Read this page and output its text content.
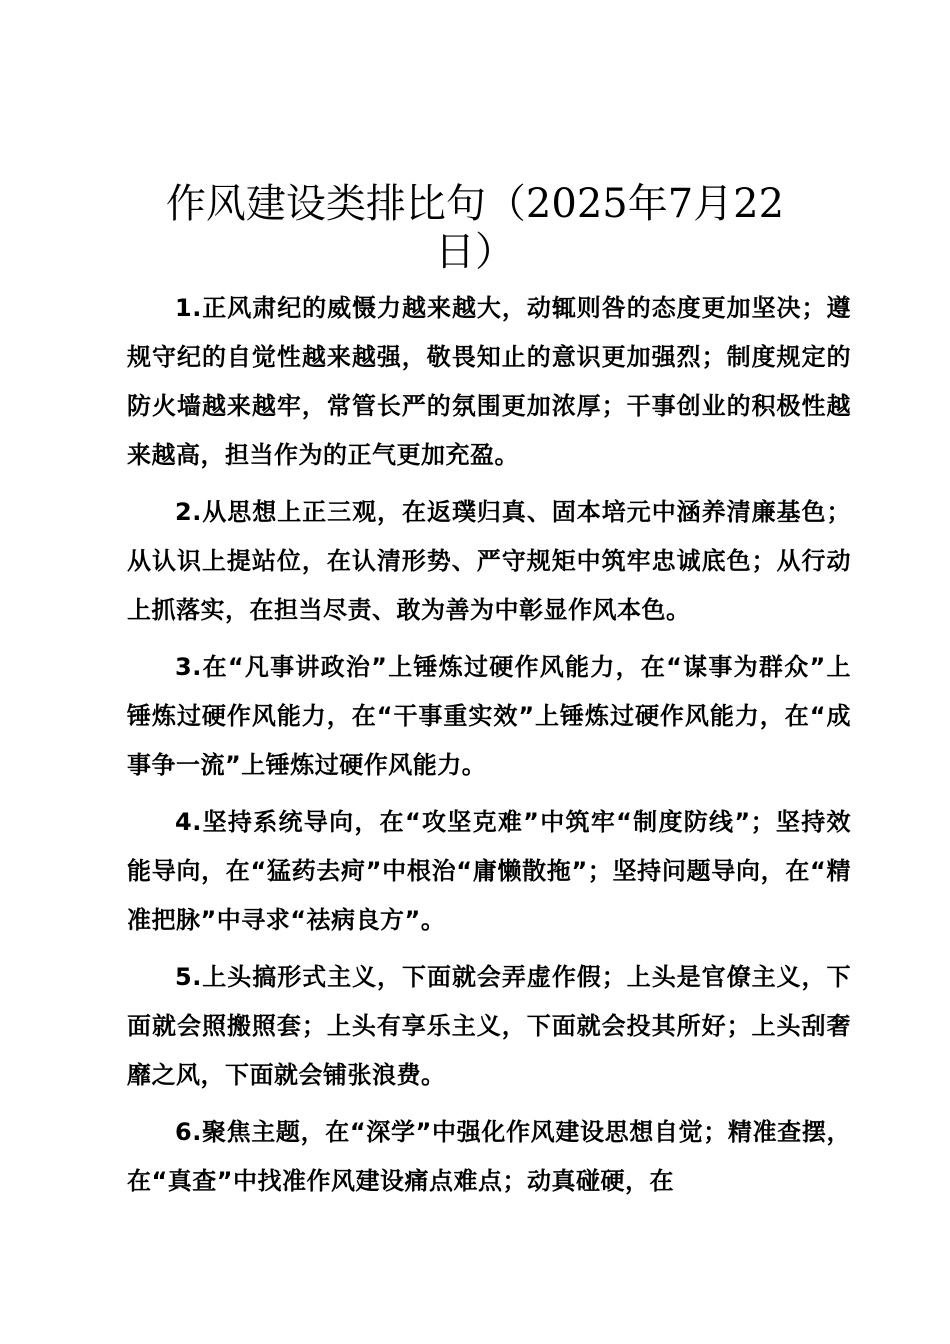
作风建设类排比句（2025年7月22日）

1.正风肃纪的威慑力越来越大，动辄则咎的态度更加坚决；遵规守纪的自觉性越来越强，敬畏知止的意识更加强烈；制度规定的防火墙越来越牢，常管长严的氛围更加浓厚；干事创业的积极性越来越高，担当作为的正气更加充盈。

2.从思想上正三观，在返璞归真、固本培元中涵养清廉基色；从认识上提站位，在认清形势、严守规矩中筑牢忠诚底色；从行动上抓落实，在担当尽责、敢为善为中彰显作风本色。

3.在“凡事讲政治”上锤炼过硬作风能力，在“谋事为群众”上锤炼过硬作风能力，在“干事重实效”上锤炼过硬作风能力，在“成事争一流”上锤炼过硬作风能力。

4.坚持系统导向，在“攻坚克难”中筑牢“制度防线”；坚持效能导向，在“猛药去疴”中根治“庸懒散拖”；坚持问题导向，在“精准把脉”中寻求“祛病良方”。

5.上头搞形式主义，下面就会弄虚作假；上头是官僚主义，下面就会照搬照套；上头有享乐主义，下面就会投其所好；上头刮奢靡之风，下面就会铺张浪费。

6.聚焦主题，在“深学”中强化作风建设思想自觉；精准查摆，在“真查”中找准作风建设痛点难点；动真碰硬，在
